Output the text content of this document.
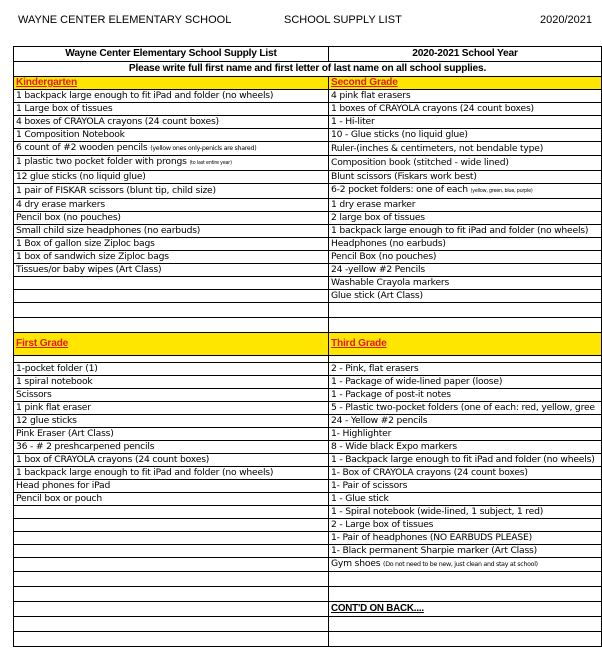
WAYNE CENTER ELEMENTARY SCHOOL	SCHOOL SUPPLY LIST	2020/2021
Wayne Center Elementary School Supply List	2020-2021 School Year
Please write full first name and first letter of last name on all school supplies.	
Kindergarten	Second Grade
1 backpack large enough to fit iPad and folder (no wheels)	4 pink flat erasers
1 Large box of tissues	1 boxes of CRAYOLA crayons (24 count boxes)
4 boxes of CRAYOLA crayons (24 count boxes)	1 - Hi-liter
1 Composition Notebook	10 - Glue sticks (no liquid glue)
6 count of #2 wooden pencils (yellow ones only-penicls are shared)	Ruler-(inches & centimeters, not bendable type)
1 plastic two pocket folder with prongs (to last entire year)	Composition book (stitched - wide lined)
12 glue sticks (no liquid glue)	Blunt scissors (Fiskars work best)
1 pair of FISKAR scissors (blunt tip, child size)	6-2 pocket folders: one of each (yellow, green, blue, purple)
4 dry erase markers	1 dry erase marker
Pencil box (no pouches)	2 large box of tissues
Small child size headphones (no earbuds)	1 backpack large enough to fit iPad and folder (no wheels)
1 Box of gallon size Ziploc bags	Headphones (no earbuds)
1 box of sandwich size Ziploc bags	Pencil Box (no pouches)
Tissues/or baby wipes (Art Class)	24 -yellow #2 Pencils
	Washable Crayola markers
	Glue stick (Art Class)

First Grade	Third Grade

1-pocket folder (1)	2 - Pink, flat erasers
1 spiral notebook	1 - Package of wide-lined paper (loose)
Scissors	1 - Package of post-it notes
1 pink flat eraser	5 - Plastic two-pocket folders (one of each: red, yellow, gree
12 glue sticks	24 - Yellow #2 pencils
Pink Eraser (Art Class)	1- Highlighter
36 - # 2 preshcarpened pencils	8 - Wide black Expo markers
1 box of CRAYOLA crayons (24 count boxes)	1 - Backpack large enough to fit iPad and folder (no wheels)
1 backpack large enough to fit iPad and folder (no wheels)	1- Box of CRAYOLA crayons (24 count boxes)
Head phones for iPad	1- Pair of scissors
Pencil box or pouch	1 - Glue stick
	1 - Spiral notebook (wide-lined, 1 subject, 1 red)
	2 - Large box of tissues
	1- Pair of headphones (NO EARBUDS PLEASE)
	1- Black permanent Sharpie marker (Art Class)
	Gym shoes (Do not need to be new, just clean and stay at school)

	CONT'D ON BACK....
